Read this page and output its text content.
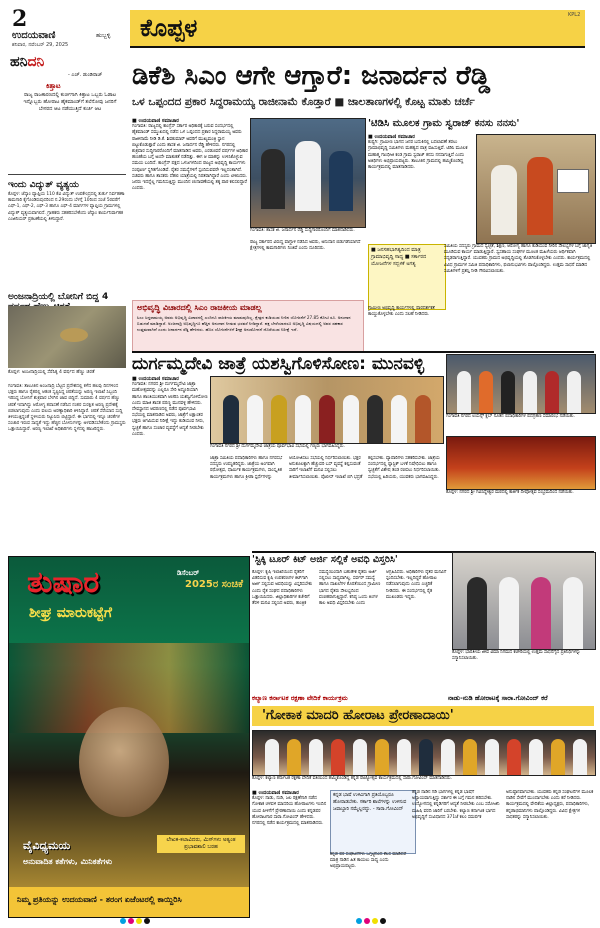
2
ಉದಯವಾಣಿ	ಹುಬ್ಬಳ್ಳಿ
ಶನಿವಾರ, ನವೆಂಬರ್ 29, 2025
ಕೊಪ್ಪಳ	KPL2
ಹನಿದನಿ
- ಎಚ್. ಡುಂಡಿರಾಜ್
ಕಿತ್ತಾಟ
ರಾಜ್ಯ ರಾಜಕಾರಣದಲ್ಲಿ ಕುರ್ಚಿಗಾಗಿ ಕಿತ್ತಾಟ ಒಬ್ಬರು ಓಡಾಟ ಇನ್ನೊಬ್ಬರು ಹೋರಾಟ ಹೈಕಮಾಂಡ್‌ಗೆ ತಲೆನೋವು ಜನರಿಗೆ ಬೇಸರದ ಆಟ ನಡೆಯುತ್ತಿದೆ ಕುರ್ಚಿ ಆಟ
ಇಂದು ವಿದ್ಯುತ್ ವ್ಯತ್ಯಯ
ಕೊಪ್ಪಳ: ಜೆಸ್ಕಾಂ ವ್ಯಾಪ್ತಿಯ 110 ಕೆವಿ ವಿದ್ಯುತ್ ಉಪಕೇಂದ್ರದಲ್ಲಿ ತುರ್ತು ನಿರ್ವಹಣಾ ಕಾಮಗಾರಿ ಕೈಗೊಂಡಿರುವುದರಿಂದ ನ.29ರಂದು ಬೆಳಗ್ಗೆ 10ರಿಂದ ಸಂಜೆ 5ರವರೆಗೆ ಎಫ್-1, ಎಫ್-2, ಎಫ್-3 ಹಾಗೂ ಎಫ್-4 ಮಾರ್ಗಗಳ ವ್ಯಾಪ್ತಿಯ ಗ್ರಾಮಗಳಲ್ಲಿ ವಿದ್ಯುತ್ ವ್ಯತ್ಯಯವಾಗಲಿದೆ. ಗ್ರಾಹಕರು ಸಹಕರಿಸಬೇಕೆಂದು ಜೆಸ್ಕಾಂ ಕಾರ್ಯನಿರ್ವಾಹಕ ಎಂಜಿನಿಯರ್ ಪ್ರಕಟಣೆಯಲ್ಲಿ ತಿಳಿಸಿದ್ದಾರೆ.
ಅಂಜನಾದ್ರಿಯಲ್ಲಿ ಬೋನಿಗೆ ಬಿದ್ದ 4
ಕೊಪ್ಪಳ: ಅಂಜನಾದ್ರಿಯಲ್ಲಿ ಸೆರೆಸಿಕ್ಕ 4 ವರ್ಷದ ಹೆಣ್ಣು ಚಿರತೆ
ಗಂಗಾವತಿ: ತಾಲೂಕಿನ ಅಂಜನಾದ್ರಿ ಬೆಟ್ಟದ ಪ್ರದೇಶದಲ್ಲಿ ಕಳೆದ ಹಲವು ದಿನಗಳಿಂದ ಭಕ್ತರು ಹಾಗೂ ರೈತರಲ್ಲಿ ಆತಂಕ ಸೃಷ್ಟಿಸಿದ್ದ ಚಿರತೆಯನ್ನು ಅರಣ್ಯ ಇಲಾಖೆ ಸಿಬ್ಬಂದಿ ಇರಿಸಿದ್ದ ಬೋನಿಗೆ ಶುಕ್ರವಾರ ಬೆಳಗಿನ ಜಾವ ಬಿದ್ದಿದೆ. ಸುಮಾರು 4 ವರ್ಷದ ಹೆಣ್ಣು ಚಿರತೆ ಇದಾಗಿದ್ದು ಆರೋಗ್ಯ ತಪಾಸಣೆ ನಡೆಸಿದ ನಂತರ ಸುರಕ್ಷಿತ ಅರಣ್ಯ ಪ್ರದೇಶಕ್ಕೆ ಬಿಡಲಾಗುವುದು ಎಂದು ವಲಯ ಅರಣ್ಯಾಧಿಕಾರಿ ತಿಳಿಸಿದ್ದಾರೆ. ಚಿರತೆ ಸೆರೆಯಾದ ಸುದ್ದಿ ತಿಳಿಯುತ್ತಿದ್ದಂತೆ ಸ್ಥಳೀಯರು ನಿಟ್ಟುಸಿರು ಬಿಟ್ಟಿದ್ದಾರೆ. ಈ ಭಾಗದಲ್ಲಿ ಇನ್ನೂ ಚಿರತೆಗಳ ಸಂಚಾರ ಇರುವ ಸಾಧ್ಯತೆ ಇದ್ದು ಹೆಚ್ಚಿನ ಬೋನುಗಳನ್ನು ಅಳವಡಿಸಬೇಕೆಂದು ಗ್ರಾಮಸ್ಥರು ಒತ್ತಾಯಿಸಿದ್ದಾರೆ. ಅರಣ್ಯ ಇಲಾಖೆ ಅಧಿಕಾರಿಗಳು ಸ್ಥಳದಲ್ಲಿ ಹಾಜರಿದ್ದರು.
ಡಿಕೆಶಿ ಸಿಎಂ ಆಗೇ ಆಗ್ತಾರೆ: ಜನಾರ್ದನ ರೆಡ್ಡಿ
ಒಳ ಒಪ್ಪಂದದ ಪ್ರಕಾರ ಸಿದ್ದರಾಮಯ್ಯ ರಾಜೀನಾಮೆ ಕೊಡ್ತಾರೆ ■ ಜಾಲತಾಣಗಳಲ್ಲಿ ಕೊಟ್ಟ ಮಾತು ಚರ್ಚೆ
■ ಉದಯವಾಣಿ ಸಮಾಚಾರ
ಗಂಗಾವತಿ: ರಾಜ್ಯದಲ್ಲಿ ಕಾಂಗ್ರೆಸ್ ಸರ್ಕಾರ ಅಧಿಕಾರಕ್ಕೆ ಬರುವ ಸಂದರ್ಭದಲ್ಲಿ ಹೈಕಮಾಂಡ್ ಸಮ್ಮುಖದಲ್ಲಿ ನಡೆದ ಒಳ ಒಪ್ಪಂದದ ಪ್ರಕಾರ ಸಿದ್ದರಾಮಯ್ಯ ಅವರು ರಾಜೀನಾಮೆ ನೀಡಿ ಡಿ.ಕೆ. ಶಿವಕುಮಾರ್ ಅವರಿಗೆ ಮುಖ್ಯಮಂತ್ರಿ ಸ್ಥಾನ ಬಿಟ್ಟುಕೊಡುತ್ತಾರೆ ಎಂದು ಶಾಸಕ ಜಿ. ಜನಾರ್ದನ ರೆಡ್ಡಿ ಹೇಳಿದರು. ನಗರದಲ್ಲಿ ಶುಕ್ರವಾರ ಸುದ್ದಿಗಾರರೊಂದಿಗೆ ಮಾತನಾಡಿದ ಅವರು, ಎರಡೂವರೆ ವರ್ಷಗಳ ಅಧಿಕಾರ ಹಂಚಿಕೆಯ ಬಗ್ಗೆ ಅಂದೇ ಮಾತುಕತೆ ನಡೆದಿತ್ತು. ಈಗ ಆ ಮಾತನ್ನು ಉಳಿಸಿಕೊಳ್ಳುವ ಸಮಯ ಬಂದಿದೆ. ಕಾಂಗ್ರೆಸ್ ಪಕ್ಷದ ಒಳಜಗಳದಿಂದ ರಾಜ್ಯದ ಅಭಿವೃದ್ಧಿ ಕಾರ್ಯಗಳು ಸಂಪೂರ್ಣ ಸ್ಥಗಿತಗೊಂಡಿವೆ. ರೈತರ ಸಮಸ್ಯೆಗಳಿಗೆ ಸ್ಪಂದಿಸುವವರೇ ಇಲ್ಲದಂತಾಗಿದೆ. ಸಚಿವರು ಹಾಗೂ ಶಾಸಕರು ದೆಹಲಿ ಯಾತ್ರೆಯಲ್ಲಿ ನಿರತರಾಗಿದ್ದಾರೆ ಎಂದು ಟೀಕಿಸಿದರು. ಜನರು ಇದನ್ನೆಲ್ಲ ಗಮನಿಸುತ್ತಿದ್ದು ಮುಂದಿನ ಚುನಾವಣೆಯಲ್ಲಿ ತಕ್ಕ ಪಾಠ ಕಲಿಸಲಿದ್ದಾರೆ ಎಂದರು.
ಗಂಗಾವತಿ: ಶಾಸಕ ಜಿ. ಜನಾರ್ದನ ರೆಡ್ಡಿ ಸುದ್ದಿಗಾರರೊಂದಿಗೆ ಮಾತನಾಡಿದರು.
ರಾಜ್ಯ ಸರ್ಕಾರದ ವಿರುದ್ಧ ವಾಗ್ದಾಳಿ ನಡೆಸಿದ ಅವರು, ಅನುದಾನ ಬಿಡುಗಡೆಯಾಗದೆ ಕ್ಷೇತ್ರಗಳಲ್ಲಿ ಕಾಮಗಾರಿಗಳು ನಿಂತಿವೆ ಎಂದು ದೂರಿದರು.
ಅಭಿವೃದ್ಧಿ ವಿಚಾರದಲ್ಲಿ ಸಿಎಂ ರಾಜಕೀಯ ಮಾಡಲ್ಲ
ಸಿಎಂ ಸಿದ್ದರಾಮಯ್ಯ ಅವರು ಅಭಿವೃದ್ಧಿ ವಿಚಾರದಲ್ಲಿ ಎಂದಿಗೂ ರಾಜಕೀಯ ಮಾಡುವುದಿಲ್ಲ. ಕ್ಷೇತ್ರದ ಕುಡಿಯುವ ನೀರಿನ ಯೋಜನೆಗೆ 27.85 ಕೋಟಿ ರೂ. ಅನುದಾನ ಬಿಡುಗಡೆ ಮಾಡಿದ್ದಾರೆ. ಅಂಜನಾದ್ರಿ ಅಭಿವೃದ್ಧಿಗೂ ಹೆಚ್ಚಿನ ಅನುದಾನ ನೀಡುವ ಭರವಸೆ ನೀಡಿದ್ದಾರೆ. ಪಕ್ಷ ಬೇರೆಯಾದರೂ ಅಭಿವೃದ್ಧಿ ವಿಷಯದಲ್ಲಿ ಅವರ ಸಹಕಾರ ಉತ್ತಮವಾಗಿದೆ ಎಂದು ಜನಾರ್ದನ ರೆಡ್ಡಿ ಹೇಳಿದರು. ಹೊಸ ಯೋಜನೆಗಳಿಗೆ ಶೀಘ್ರ ಅನುಮೋದನೆ ದೊರೆಯುವ ನಿರೀಕ್ಷೆ ಇದೆ.
'ಟಿಡಿಸಿ ಮೂಲಕ ಗ್ರಾಮ ಸ್ವರಾಜ್ ಕನಸು ನನಸು'
■ ಉದಯವಾಣಿ ಸಮಾಚಾರ
ಕುಷ್ಟಗಿ: ಗ್ರಾಮೀಣ ಭಾಗದ ಜನರ ಬದುಕಿನಲ್ಲಿ ಬದಲಾವಣೆ ತರಲು ಗ್ರಾಮಾಭಿವೃದ್ಧಿ ಸಮಿತಿಗಳು ಮಹತ್ವದ ಪಾತ್ರ ವಹಿಸುತ್ತಿವೆ. ಟಿಡಿಸಿ ಮೂಲಕ ಮಹಾತ್ಮ ಗಾಂಧೀಜಿ ಕಂಡ ಗ್ರಾಮ ಸ್ವರಾಜ್ ಕನಸು ನನಸಾಗುತ್ತಿದೆ ಎಂದು ಅತಿಥಿಗಳು ಅಭಿಪ್ರಾಯಪಟ್ಟರು. ತಾಲೂಕಿನ ಗ್ರಾಮದಲ್ಲಿ ಹಮ್ಮಿಕೊಂಡಿದ್ದ ಕಾರ್ಯಕ್ರಮದಲ್ಲಿ ಮಾತನಾಡಿದರು.
■ ಜನಸಹಭಾಗಿತ್ವದಿಂದ ಮಾತ್ರ ಗ್ರಾಮಾಭಿವೃದ್ಧಿ ಸಾಧ್ಯ ■ ಸರ್ಕಾರದ ಯೋಜನೆಗಳ ಸದ್ಬಳಕೆ ಅಗತ್ಯ
ಸಮಿತಿಯ ಸದಸ್ಯರು ಗ್ರಾಮದ ಸ್ವಚ್ಛತೆ, ಶಿಕ್ಷಣ, ಆರೋಗ್ಯ ಹಾಗೂ ಕುಡಿಯುವ ನೀರಿನ ಸೌಲಭ್ಯಗಳ ಬಗ್ಗೆ ಜಾಗೃತಿ ಮೂಡಿಸುವ ಕಾರ್ಯ ಮಾಡುತ್ತಿದ್ದಾರೆ. ಸ್ವಸಹಾಯ ಸಂಘಗಳ ಮೂಲಕ ಮಹಿಳೆಯರು ಆರ್ಥಿಕವಾಗಿ ಸದೃಢರಾಗುತ್ತಿದ್ದಾರೆ. ಯುವಕರು ಗ್ರಾಮದ ಅಭಿವೃದ್ಧಿಯಲ್ಲಿ ತೊಡಗಿಸಿಕೊಳ್ಳಬೇಕು ಎಂದರು. ಕಾರ್ಯಕ್ರಮದಲ್ಲಿ ವಿವಿಧ ಗ್ರಾಮಗಳ ಸಮಿತಿ ಪದಾಧಿಕಾರಿಗಳು, ಫಲಾನುಭವಿಗಳು ಪಾಲ್ಗೊಂಡಿದ್ದರು. ಉತ್ತಮ ಸಾಧನೆ ಮಾಡಿದ ಸಮಿತಿಗಳಿಗೆ ಪ್ರಶಸ್ತಿ ನೀಡಿ ಗೌರವಿಸಲಾಯಿತು.
ಗ್ರಾಮೀಣ ಅಭಿವೃದ್ಧಿ ಕಾರ್ಯಗಳಲ್ಲಿ ಪಾರದರ್ಶಕತೆ ಕಾಯ್ದುಕೊಳ್ಳಬೇಕು ಎಂದು ಸಲಹೆ ನೀಡಿದರು.
ದುರ್ಗಮ್ಮದೇವಿ ಜಾತ್ರೆ ಯಶಸ್ವಿಗೊಳಿಸೋಣ: ಮುನವಳ್ಳಿ
■ ಉದಯವಾಣಿ ಸಮಾಚಾರ
ಗಂಗಾವತಿ: ನಗರದ ಶ್ರೀ ದುರ್ಗಮ್ಮದೇವಿ ಜಾತ್ರಾ ಮಹೋತ್ಸವವನ್ನು ಎಲ್ಲರೂ ಸೇರಿ ಅದ್ಧೂರಿಯಾಗಿ ಹಾಗೂ ಶಾಂತಿಯುತವಾಗಿ ಆಚರಿಸಿ ಯಶಸ್ವಿಗೊಳಿಸೋಣ ಎಂದು ಮಾಜಿ ಶಾಸಕ ಪರಣ್ಣ ಮುನವಳ್ಳಿ ಹೇಳಿದರು. ದೇವಸ್ಥಾನದ ಆವರಣದಲ್ಲಿ ನಡೆದ ಪೂರ್ವಭಾವಿ ಸಭೆಯಲ್ಲಿ ಮಾತನಾಡಿದ ಅವರು, ಜಾತ್ರೆಗೆ ಲಕ್ಷಾಂತರ ಭಕ್ತರು ಆಗಮಿಸುವ ನಿರೀಕ್ಷೆ ಇದ್ದು ಕುಡಿಯುವ ನೀರು, ಸ್ವಚ್ಛತೆ ಹಾಗೂ ಸಂಚಾರ ವ್ಯವಸ್ಥೆಗೆ ಆದ್ಯತೆ ನೀಡಬೇಕು ಎಂದರು.
ಗಂಗಾವತಿ ನಗರದ ಶ್ರೀ ದುರ್ಗಮ್ಮದೇವಿ ಜಾತ್ರೆಯ ಪೂರ್ವಭಾವಿ ಸಭೆಯಲ್ಲಿ ಗಣ್ಯರು ಭಾಗವಹಿಸಿದ್ದರು.
ಜಾತ್ರಾ ಸಮಿತಿಯ ಪದಾಧಿಕಾರಿಗಳು ಹಾಗೂ ನಗರಸಭೆ ಸದಸ್ಯರು ಉಪಸ್ಥಿತರಿದ್ದರು. ಜಾತ್ರೆಯ ಅಂಗವಾಗಿ ರಥೋತ್ಸವ, ಧಾರ್ಮಿಕ ಕಾರ್ಯಕ್ರಮಗಳು, ಸಾಂಸ್ಕೃತಿಕ ಕಾರ್ಯಕ್ರಮಗಳು ಹಾಗೂ ಕ್ರೀಡಾ ಸ್ಪರ್ಧೆಗಳನ್ನು ಆಯೋಜಿಸಲು ಸಭೆಯಲ್ಲಿ ನಿರ್ಧರಿಸಲಾಯಿತು. ಭಕ್ತರ ಅನುಕೂಲಕ್ಕಾಗಿ ಹೆಚ್ಚುವರಿ ಬಸ್ ವ್ಯವಸ್ಥೆ ಕಲ್ಪಿಸುವಂತೆ ಸಾರಿಗೆ ಇಲಾಖೆಗೆ ಮನವಿ ಸಲ್ಲಿಸಲು ತೀರ್ಮಾನಿಸಲಾಯಿತು. ಪೊಲೀಸ್ ಇಲಾಖೆ ಬಿಗಿ ಭದ್ರತೆ ಕಲ್ಪಿಸಬೇಕು. ವ್ಯಾಪಾರಿಗಳು ಸಹಕರಿಸಬೇಕು. ಜಾತ್ರೆಯ ಸಂದರ್ಭದಲ್ಲಿ ಪ್ಲಾಸ್ಟಿಕ್ ಬಳಕೆ ನಿಷೇಧಿಸಲು ಹಾಗೂ ಸ್ವಚ್ಛತೆಗೆ ವಿಶೇಷ ತಂಡ ರಚಿಸಲು ನಿರ್ಧರಿಸಲಾಯಿತು. ಸಭೆಯಲ್ಲಿ ಹಿರಿಯರು, ಯುವಕರು ಭಾಗವಹಿಸಿದ್ದರು.
ಗಂಗಾವತಿ ನಗರದ ಲಯನ್ಸ್ ಕ್ಲಬ್ ನೂತನ ಪದಾಧಿಕಾರಿಗಳ ಪದಗ್ರಹಣ ಸಮಾರಂಭ ನಡೆಯಿತು.
ಕೊಪ್ಪಳ: ನಗರದ ಶ್ರೀ ಗವಿಸಿದ್ದೇಶ್ವರ ಮಠದಲ್ಲಿ ಕಾರ್ತಿಕ ದೀಪೋತ್ಸವ ಸಂಭ್ರಮದಿಂದ ನಡೆಯಿತು.
ತುಷಾರ	ಡಿಸೆಂಬರ್
2025ರ ಸಂಚಿಕೆ
ಶೀಘ್ರ ಮಾರುಕಟ್ಟೆಗೆ
ವೈವಿಧ್ಯಮಯ
ಅನುವಾದಿತ ಕತೆಗಳು, ಮಿನಿಕತೆಗಳು
ಲೇಖಕ-ಕಲಾವಿದರು, ಮಿಸ್‌ಗಳು ಅತ್ಯಂತ ಪ್ರಭಾವಶಾಲಿ ಬರಹ
ನಿಮ್ಮ ಪ್ರತಿಯನ್ನು ಉದಯವಾಣಿ - ತರಂಗ ಏಜೆಂಟರಲ್ಲಿ ಕಾಯ್ದಿರಿಸಿ
'ಸ್ಟಿಕ್ಕಿ ಟೂರ್ ಕಿಟ್ ಅರ್ಜಿ ಸಲ್ಲಿಕೆ ಅವಧಿ ವಿಸ್ತರಿಸಿ'
ಕೊಪ್ಪಳ: ಕೃಷಿ ಇಲಾಖೆಯಿಂದ ರೈತರಿಗೆ ವಿತರಿಸುವ ಕೃಷಿ ಉಪಕರಣಗಳ ಕಿಟ್‌ಗಾಗಿ ಅರ್ಜಿ ಸಲ್ಲಿಸುವ ಅವಧಿಯನ್ನು ವಿಸ್ತರಿಸಬೇಕು ಎಂದು ರೈತ ಸಂಘದ ಪದಾಧಿಕಾರಿಗಳು ಒತ್ತಾಯಿಸಿದರು. ಜಿಲ್ಲಾಧಿಕಾರಿಗಳ ಕಚೇರಿಗೆ ತೆರಳಿ ಮನವಿ ಸಲ್ಲಿಸಿದ ಅವರು, ತಾಂತ್ರಿಕ ಸಮಸ್ಯೆಯಿಂದಾಗಿ ಬಹುತೇಕ ರೈತರು ಅರ್ಜಿ ಸಲ್ಲಿಸಲು ಸಾಧ್ಯವಾಗಿಲ್ಲ. ಸರ್ವರ್ ಸಮಸ್ಯೆ ಹಾಗೂ ದಾಖಲೆಗಳ ಕೊರತೆಯಿಂದ ಗ್ರಾಮೀಣ ಭಾಗದ ರೈತರು ಸೌಲಭ್ಯದಿಂದ ವಂಚಿತರಾಗುತ್ತಿದ್ದಾರೆ. ಕನಿಷ್ಠ ಒಂದು ತಿಂಗಳ ಕಾಲ ಅವಧಿ ವಿಸ್ತರಿಸಬೇಕು ಎಂದು ಆಗ್ರಹಿಸಿದರು. ಅಧಿಕಾರಿಗಳು ರೈತರ ಮನವಿಗೆ ಸ್ಪಂದಿಸಬೇಕು. ಇಲ್ಲದಿದ್ದರೆ ಹೋರಾಟ ನಡೆಸಲಾಗುವುದು ಎಂದು ಎಚ್ಚರಿಕೆ ನೀಡಿದರು. ಈ ಸಂದರ್ಭದಲ್ಲಿ ರೈತ ಮುಖಂಡರು ಇದ್ದರು.
ಕೊಪ್ಪಳ: ಭಾರತೀಯ ಜೀವ ವಿಮಾ ನಿಗಮದ ಕಚೇರಿಯಲ್ಲಿ ಉತ್ತಮ ಸಾಧನೆಗೈದ ಪ್ರತಿನಿಧಿಗಳನ್ನು ಸನ್ಮಾನಿಸಲಾಯಿತು.
ಕಲ್ಯಾಣ ಕರ್ನಾಟಕ ರಕ್ಷಣಾ ವೇದಿಕೆ ಕಾರ್ಯಕ್ರಮ	ನಾಡು-ನುಡಿ ಹೋರಾಟಕ್ಕೆ ಸಾರಾ.ಗೋವಿಂದ್ ಕರೆ
'ಗೋಕಾಕ ಮಾದರಿ ಹೋರಾಟ ಪ್ರೇರಣಾದಾಯಿ'
ಕೊಪ್ಪಳ: ಕಲ್ಯಾಣ ಕರ್ನಾಟಕ ರಕ್ಷಣಾ ವೇದಿಕೆ ವತಿಯಿಂದ ಹಮ್ಮಿಕೊಂಡಿದ್ದ ಕನ್ನಡ ರಾಜ್ಯೋತ್ಸವ ಕಾರ್ಯಕ್ರಮದಲ್ಲಿ ಸಾರಾ.ಗೋವಿಂದ್ ಮಾತನಾಡಿದರು.
■ ಉದಯವಾಣಿ ಸಮಾಚಾರ
ಕೊಪ್ಪಳ: ನಾಡು, ನುಡಿ, ಜಲ ರಕ್ಷಣೆಗಾಗಿ ನಡೆದ ಗೋಕಾಕ ಚಳವಳಿ ಮಾದರಿಯ ಹೋರಾಟಗಳು ಇಂದಿನ ಯುವ ಪೀಳಿಗೆಗೆ ಪ್ರೇರಣಾದಾಯಿ ಎಂದು ಕನ್ನಡಪರ ಹೋರಾಟಗಾರ ಸಾರಾ.ಗೋವಿಂದ್ ಹೇಳಿದರು. ನಗರದಲ್ಲಿ ನಡೆದ ಕಾರ್ಯಕ್ರಮದಲ್ಲಿ ಮಾತನಾಡಿದರು.
ಕನ್ನಡ ಭಾಷೆ ಉಳಿವಿಗಾಗಿ ಪ್ರತಿಯೊಬ್ಬರೂ ಹೋರಾಡಬೇಕು. ಸರ್ಕಾರಿ ಶಾಲೆಗಳನ್ನು ಉಳಿಸುವ ಜವಾಬ್ದಾರಿ ನಮ್ಮೆಲ್ಲರದ್ದು. - ಸಾರಾ.ಗೋವಿಂದ್
ಕನ್ನಡ ಪರ ಸಂಘಟನೆಗಳು ಒಗ್ಗಟ್ಟಿನಿಂದ ಕೆಲಸ ಮಾಡಿದರೆ ಮಾತ್ರ ನಾಡಿನ ಹಿತ ಕಾಯಲು ಸಾಧ್ಯ ಎಂದು ಅಭಿಪ್ರಾಯಪಟ್ಟರು.
ಕನ್ನಡ ನಾಡಿನ ಗಡಿ ಭಾಗಗಳಲ್ಲಿ ಕನ್ನಡ ಭಾಷೆಗೆ ಅನ್ಯಾಯವಾಗುತ್ತಿದ್ದು ಸರ್ಕಾರ ಈ ಬಗ್ಗೆ ಗಮನ ಹರಿಸಬೇಕು. ಉದ್ಯೋಗದಲ್ಲಿ ಕನ್ನಡಿಗರಿಗೆ ಆದ್ಯತೆ ನೀಡಬೇಕು ಎಂಬ ಸರೋಜಿನಿ ಮಹಿಷಿ ವರದಿ ಜಾರಿಗೆ ಬರಬೇಕು. ಕಲ್ಯಾಣ ಕರ್ನಾಟಕ ಭಾಗದ ಅಭಿವೃದ್ಧಿಗೆ ಸಂವಿಧಾನದ 371ಜೆ ಕಲಂ ಸಮರ್ಪಕ ಅನುಷ್ಠಾನವಾಗಬೇಕು. ಯುವಕರು ಕನ್ನಡ ಸಂಘಟನೆಗಳ ಮೂಲಕ ನಾಡಿನ ಸೇವೆಗೆ ಮುಂದಾಗಬೇಕು ಎಂದು ಕರೆ ನೀಡಿದರು. ಕಾರ್ಯಕ್ರಮದಲ್ಲಿ ವೇದಿಕೆಯ ಜಿಲ್ಲಾಧ್ಯಕ್ಷರು, ಪದಾಧಿಕಾರಿಗಳು, ಕನ್ನಡಾಭಿಮಾನಿಗಳು ಪಾಲ್ಗೊಂಡಿದ್ದರು. ವಿವಿಧ ಕ್ಷೇತ್ರಗಳ ಸಾಧಕರನ್ನು ಸನ್ಮಾನಿಸಲಾಯಿತು.
